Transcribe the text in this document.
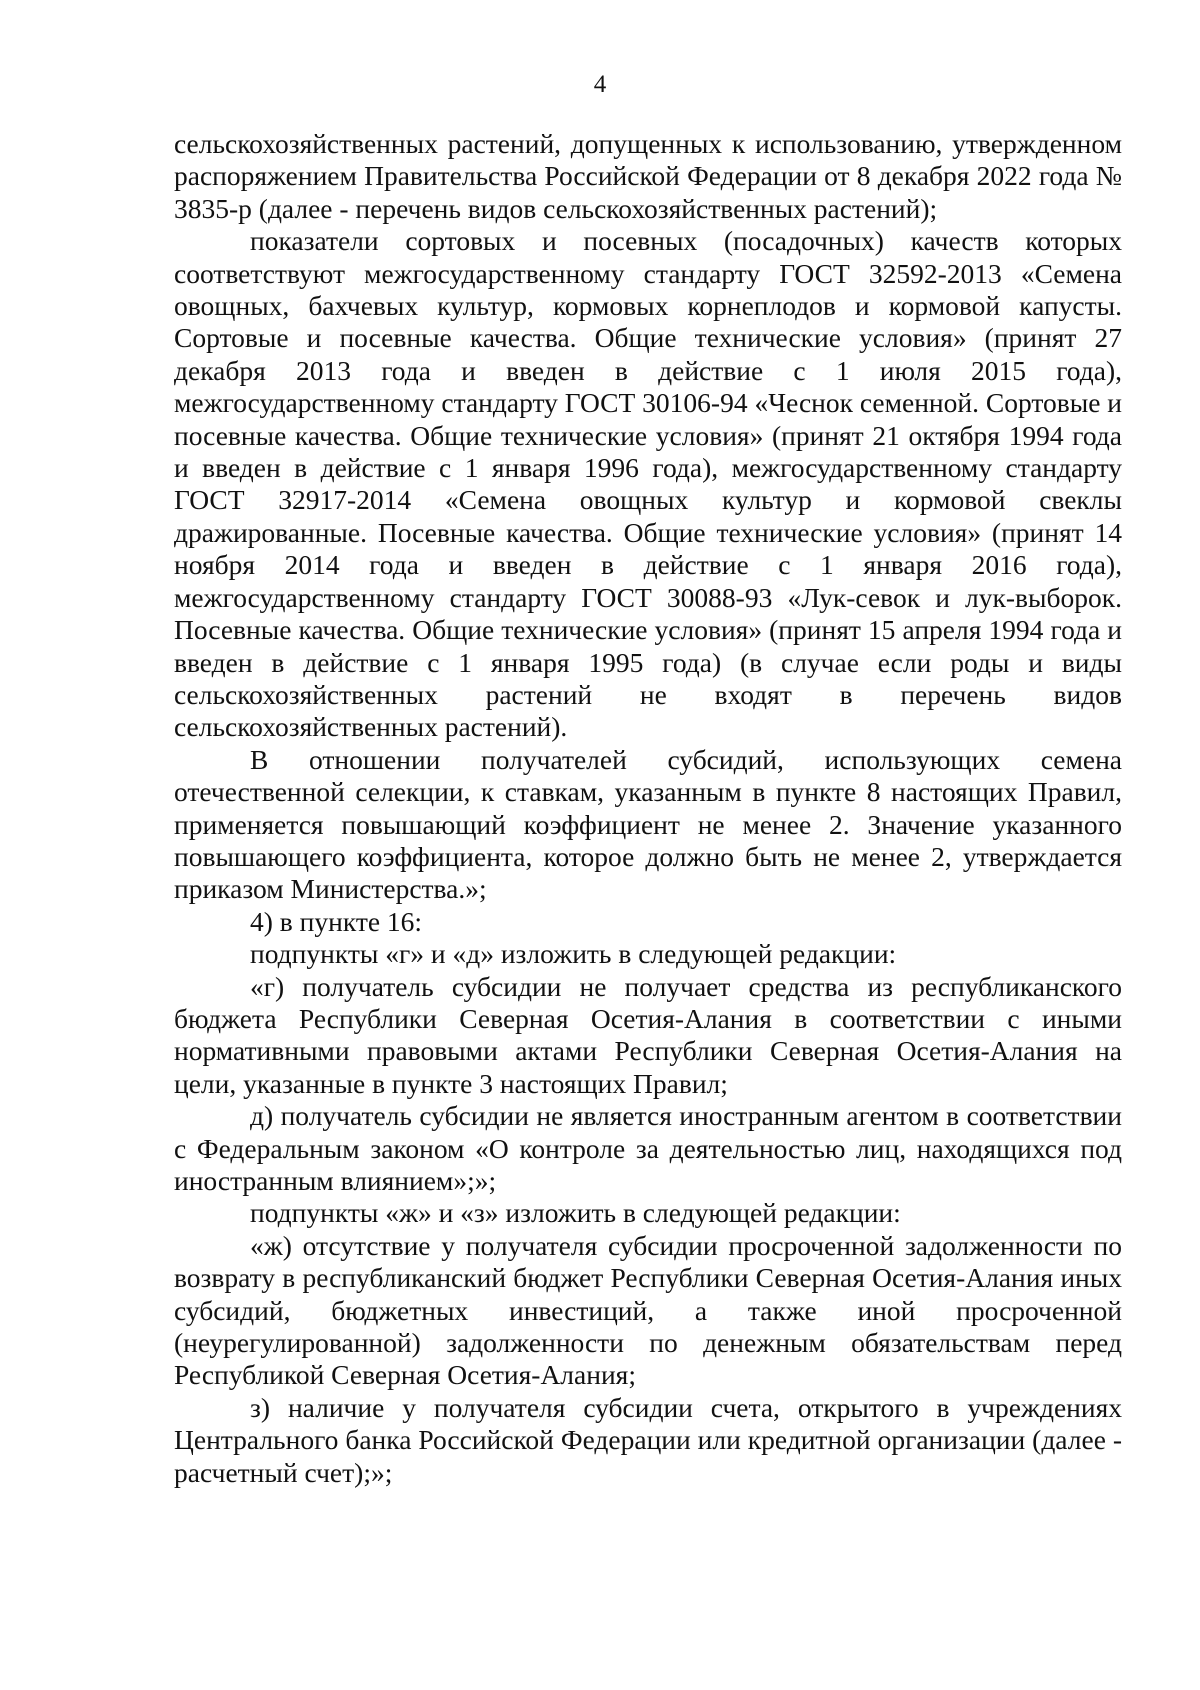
4

сельскохозяйственных растений, допущенных к использованию, утвержденном распоряжением Правительства Российской Федерации от 8 декабря 2022 года № 3835-р (далее - перечень видов сельскохозяйственных растений);

показатели сортовых и посевных (посадочных) качеств которых соответствуют межгосударственному стандарту ГОСТ 32592-2013 «Семена овощных, бахчевых культур, кормовых корнеплодов и кормовой капусты. Сортовые и посевные качества. Общие технические условия» (принят 27 декабря 2013 года и введен в действие с 1 июля 2015 года), межгосударственному стандарту ГОСТ 30106-94 «Чеснок семенной. Сортовые и посевные качества. Общие технические условия» (принят 21 октября 1994 года и введен в действие с 1 января 1996 года), межгосударственному стандарту ГОСТ 32917-2014 «Семена овощных культур и кормовой свеклы дражированные. Посевные качества. Общие технические условия» (принят 14 ноября 2014 года и введен в действие с 1 января 2016 года), межгосударственному стандарту ГОСТ 30088-93 «Лук-севок и лук-выборок. Посевные качества. Общие технические условия» (принят 15 апреля 1994 года и введен в действие с 1 января 1995 года) (в случае если роды и виды сельскохозяйственных растений не входят в перечень видов сельскохозяйственных растений).

В отношении получателей субсидий, использующих семена отечественной селекции, к ставкам, указанным в пункте 8 настоящих Правил, применяется повышающий коэффициент не менее 2. Значение указанного повышающего коэффициента, которое должно быть не менее 2, утверждается приказом Министерства.»;

4) в пункте 16:

подпункты «г» и «д» изложить в следующей редакции:

«г) получатель субсидии не получает средства из республиканского бюджета Республики Северная Осетия-Алания в соответствии с иными нормативными правовыми актами Республики Северная Осетия-Алания на цели, указанные в пункте 3 настоящих Правил;

д) получатель субсидии не является иностранным агентом в соответствии с Федеральным законом «О контроле за деятельностью лиц, находящихся под иностранным влиянием»;»;

подпункты «ж» и «з» изложить в следующей редакции:

«ж) отсутствие у получателя субсидии просроченной задолженности по возврату в республиканский бюджет Республики Северная Осетия-Алания иных субсидий, бюджетных инвестиций, а также иной просроченной (неурегулированной) задолженности по денежным обязательствам перед Республикой Северная Осетия-Алания;

з) наличие у получателя субсидии счета, открытого в учреждениях Центрального банка Российской Федерации или кредитной организации (далее - расчетный счет);»;
